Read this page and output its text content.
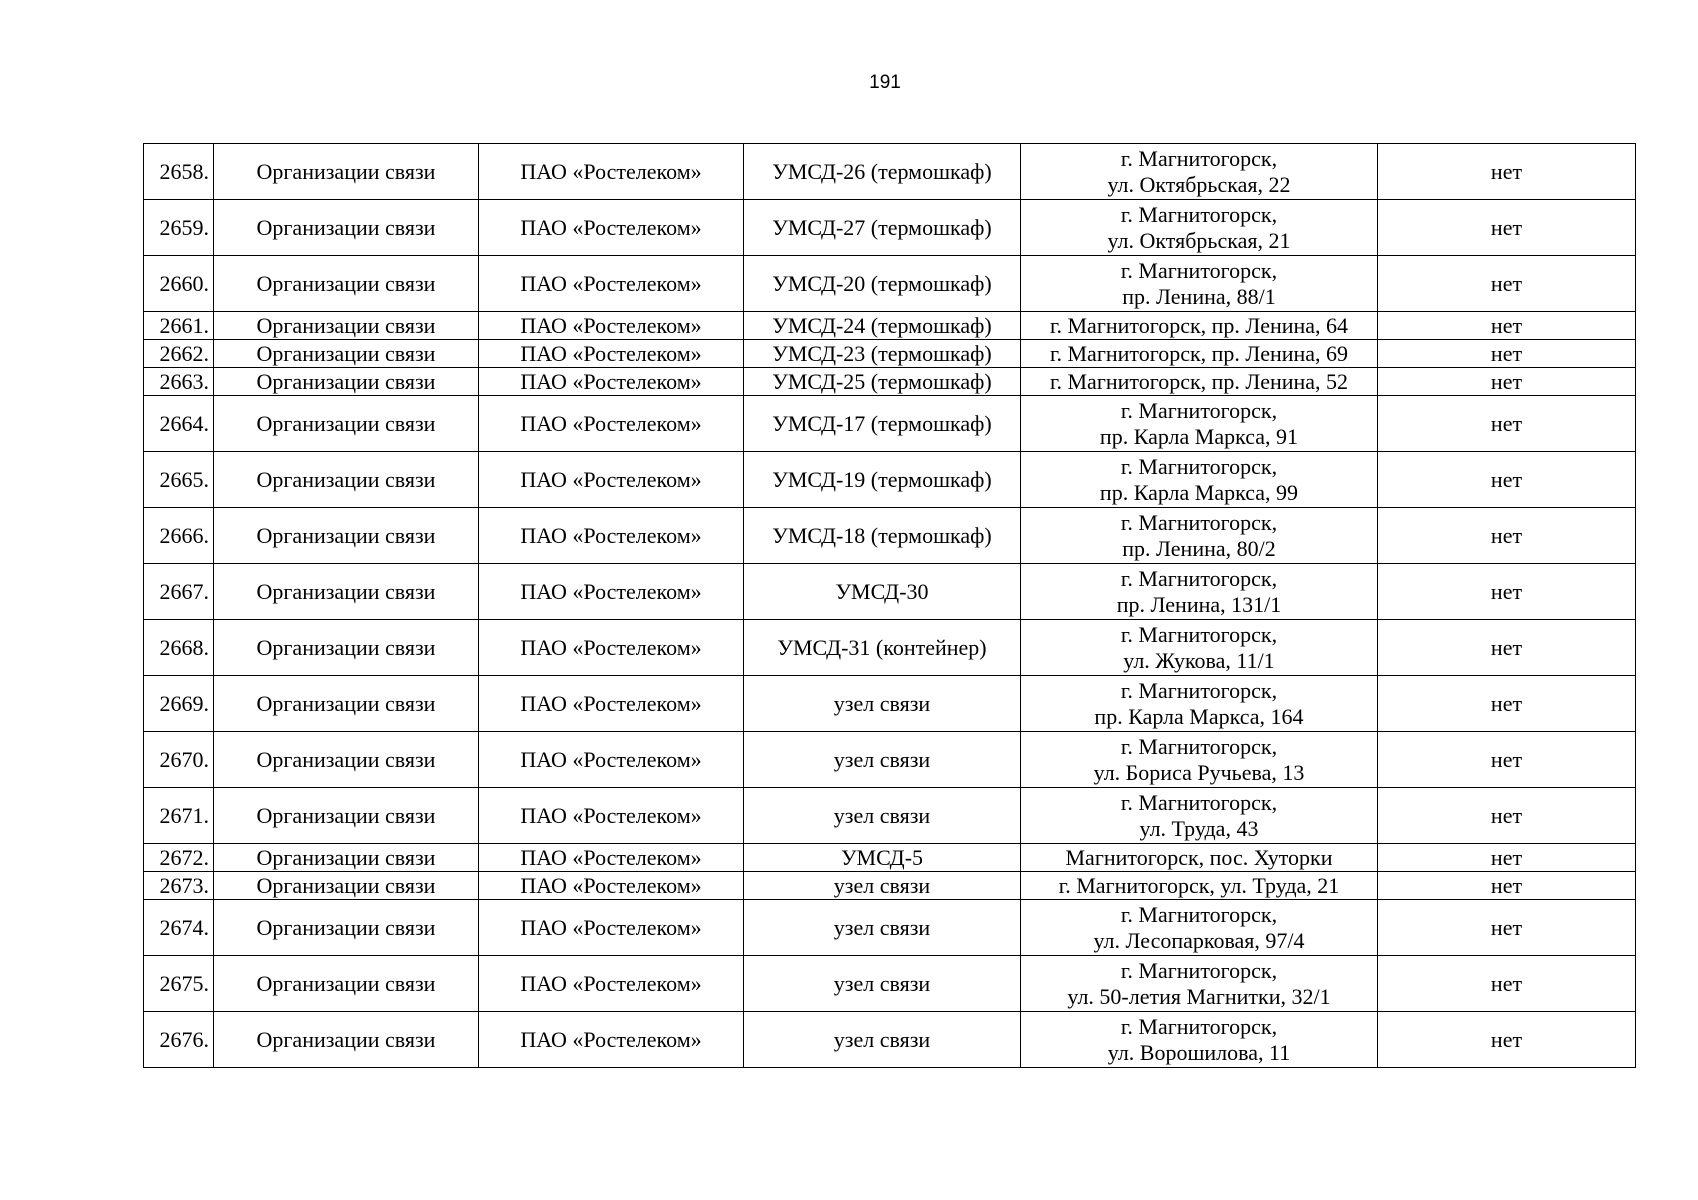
191
2658.	Организации связи	ПАО «Ростелеком»	УМСД-26 (термошкаф)	г. Магнитогорск,
ул. Октябрьская, 22	нет
2659.	Организации связи	ПАО «Ростелеком»	УМСД-27 (термошкаф)	г. Магнитогорск,
ул. Октябрьская, 21	нет
2660.	Организации связи	ПАО «Ростелеком»	УМСД-20 (термошкаф)	г. Магнитогорск,
пр. Ленина, 88/1	нет
2661.	Организации связи	ПАО «Ростелеком»	УМСД-24 (термошкаф)	г. Магнитогорск, пр. Ленина, 64	нет
2662.	Организации связи	ПАО «Ростелеком»	УМСД-23 (термошкаф)	г. Магнитогорск, пр. Ленина, 69	нет
2663.	Организации связи	ПАО «Ростелеком»	УМСД-25 (термошкаф)	г. Магнитогорск, пр. Ленина, 52	нет
2664.	Организации связи	ПАО «Ростелеком»	УМСД-17 (термошкаф)	г. Магнитогорск,
пр. Карла Маркса, 91	нет
2665.	Организации связи	ПАО «Ростелеком»	УМСД-19 (термошкаф)	г. Магнитогорск,
пр. Карла Маркса, 99	нет
2666.	Организации связи	ПАО «Ростелеком»	УМСД-18 (термошкаф)	г. Магнитогорск,
пр. Ленина, 80/2	нет
2667.	Организации связи	ПАО «Ростелеком»	УМСД-30	г. Магнитогорск,
пр. Ленина, 131/1	нет
2668.	Организации связи	ПАО «Ростелеком»	УМСД-31 (контейнер)	г. Магнитогорск,
ул. Жукова, 11/1	нет
2669.	Организации связи	ПАО «Ростелеком»	узел связи	г. Магнитогорск,
пр. Карла Маркса, 164	нет
2670.	Организации связи	ПАО «Ростелеком»	узел связи	г. Магнитогорск,
ул. Бориса Ручьева, 13	нет
2671.	Организации связи	ПАО «Ростелеком»	узел связи	г. Магнитогорск,
ул. Труда, 43	нет
2672.	Организации связи	ПАО «Ростелеком»	УМСД-5	Магнитогорск, пос. Хуторки	нет
2673.	Организации связи	ПАО «Ростелеком»	узел связи	г. Магнитогорск, ул. Труда, 21	нет
2674.	Организации связи	ПАО «Ростелеком»	узел связи	г. Магнитогорск,
ул. Лесопарковая, 97/4	нет
2675.	Организации связи	ПАО «Ростелеком»	узел связи	г. Магнитогорск,
ул. 50-летия Магнитки, 32/1	нет
2676.	Организации связи	ПАО «Ростелеком»	узел связи	г. Магнитогорск,
ул. Ворошилова, 11	нет
